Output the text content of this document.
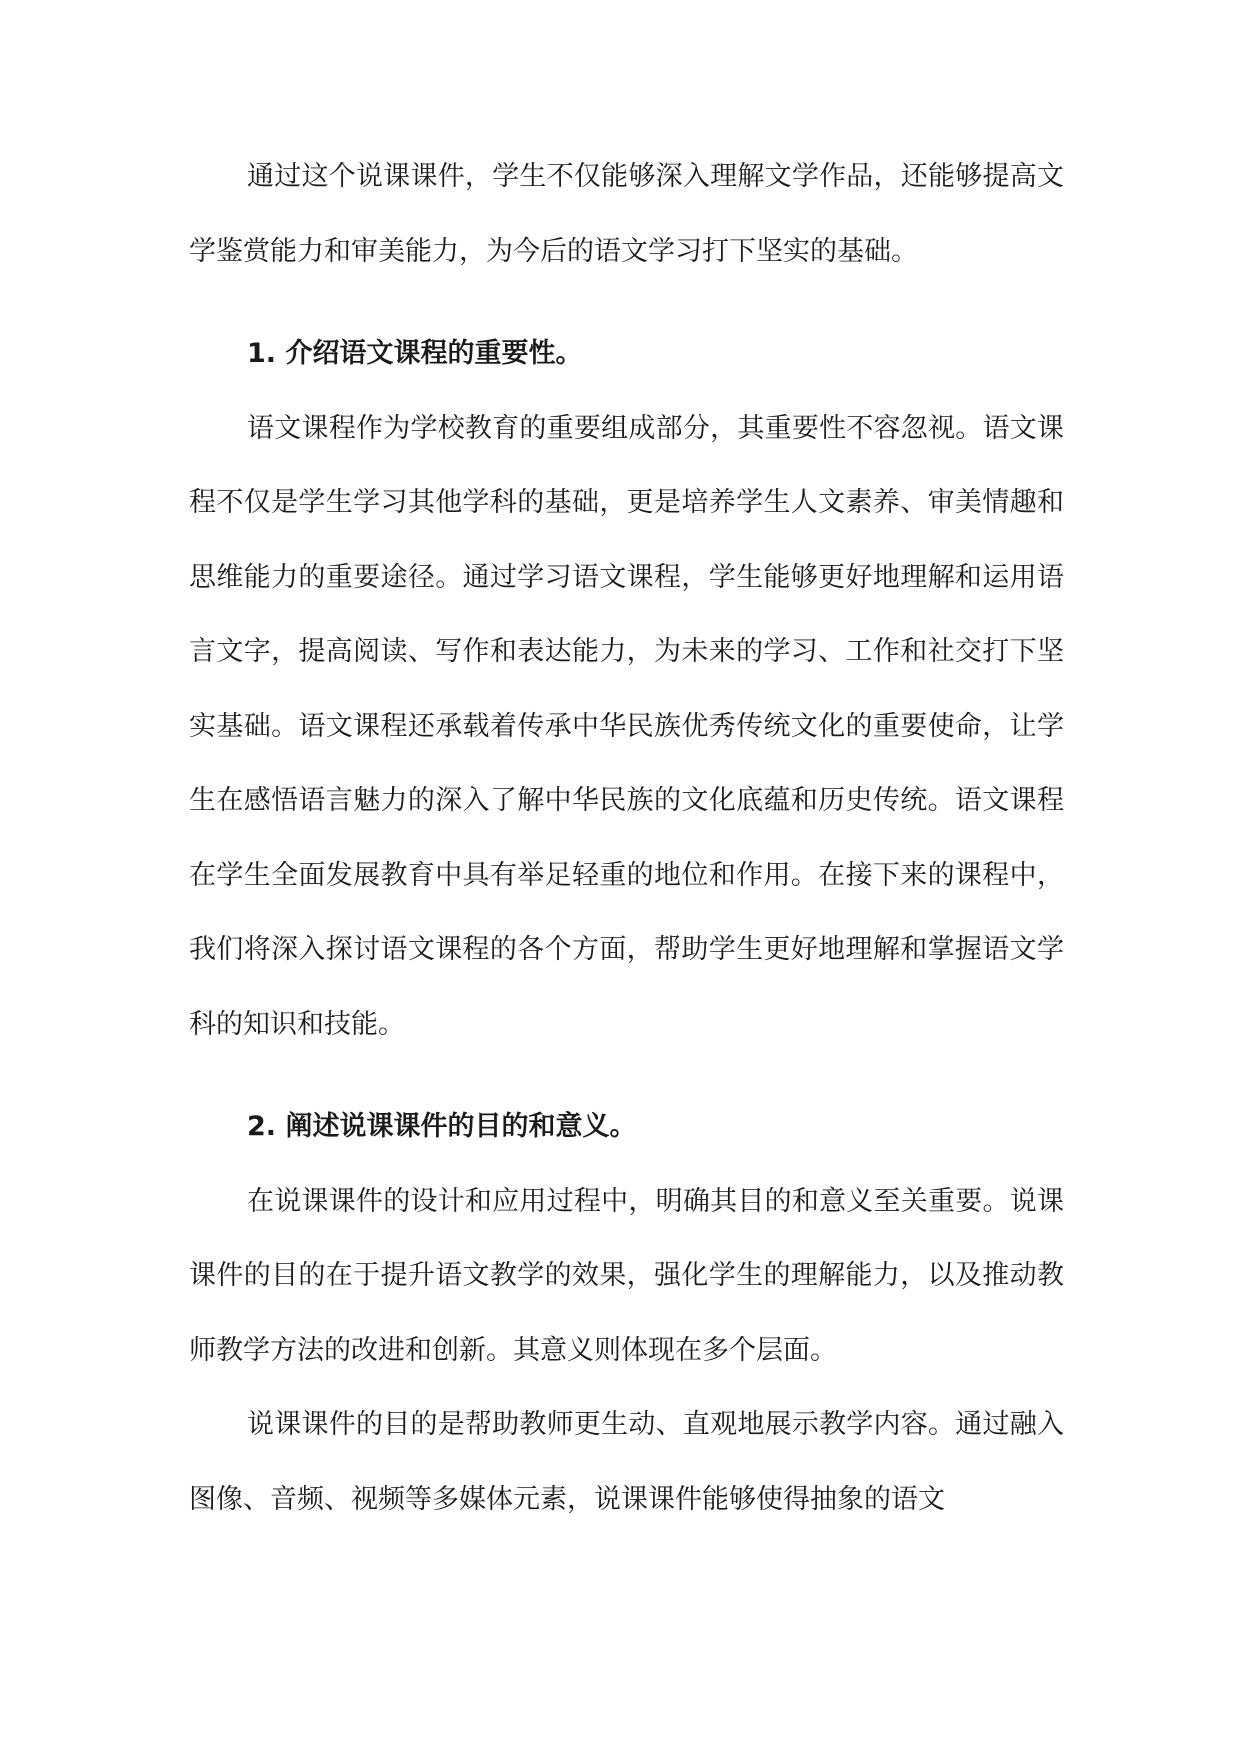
通过这个说课课件，学生不仅能够深入理解文学作品，还能够提高文学鉴赏能力和审美能力，为今后的语文学习打下坚实的基础。

1. 介绍语文课程的重要性。

语文课程作为学校教育的重要组成部分，其重要性不容忽视。语文课程不仅是学生学习其他学科的基础，更是培养学生人文素养、审美情趣和思维能力的重要途径。通过学习语文课程，学生能够更好地理解和运用语言文字，提高阅读、写作和表达能力，为未来的学习、工作和社交打下坚实基础。语文课程还承载着传承中华民族优秀传统文化的重要使命，让学生在感悟语言魅力的深入了解中华民族的文化底蕴和历史传统。语文课程在学生全面发展教育中具有举足轻重的地位和作用。在接下来的课程中，我们将深入探讨语文课程的各个方面，帮助学生更好地理解和掌握语文学科的知识和技能。

2. 阐述说课课件的目的和意义。

在说课课件的设计和应用过程中，明确其目的和意义至关重要。说课课件的目的在于提升语文教学的效果，强化学生的理解能力，以及推动教师教学方法的改进和创新。其意义则体现在多个层面。

说课课件的目的是帮助教师更生动、直观地展示教学内容。通过融入图像、音频、视频等多媒体元素，说课课件能够使得抽象的语文
